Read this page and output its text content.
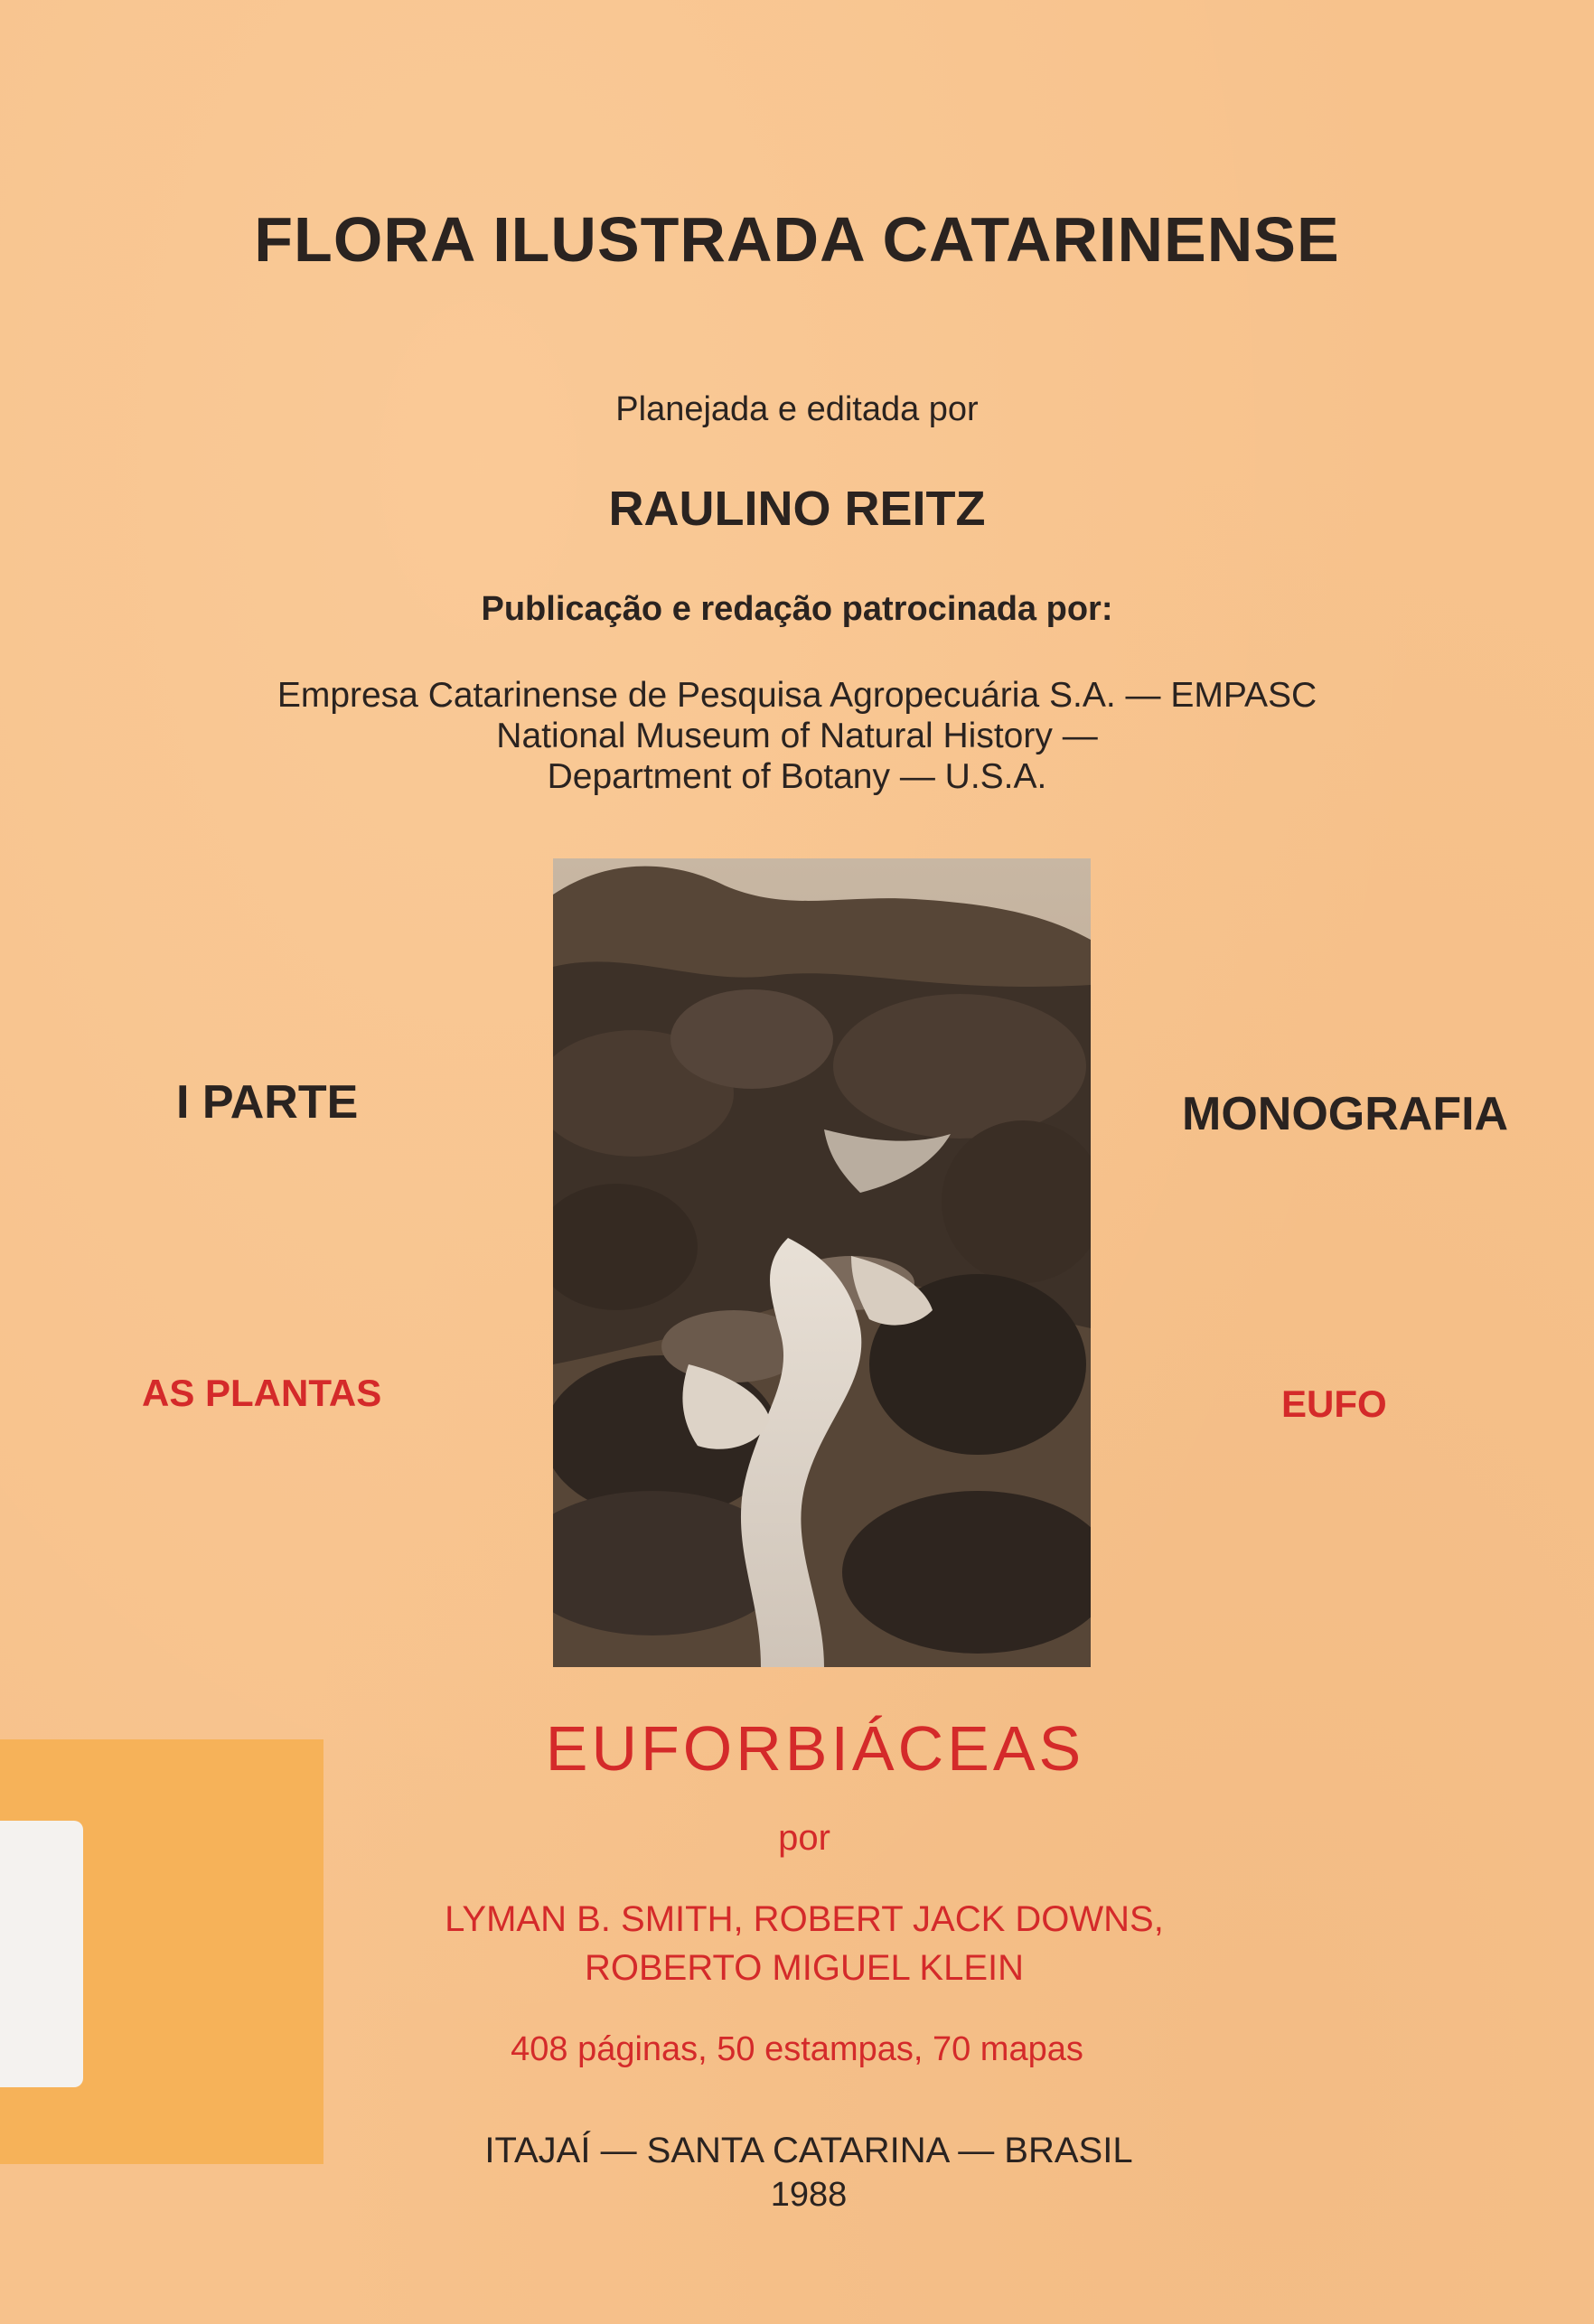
FLORA ILUSTRADA CATARINENSE
Planejada e editada por
RAULINO REITZ
Publicação e redação patrocinada por:
Empresa Catarinense de Pesquisa Agropecuária S.A. — EMPASC
National Museum of Natural History —
Department of Botany — U.S.A.
I PARTE	MONOGRAFIA
AS PLANTAS	EUFO
EUFORBIÁCEAS
por
LYMAN B. SMITH, ROBERT JACK DOWNS,
ROBERTO MIGUEL KLEIN
408 páginas, 50 estampas, 70 mapas
ITAJAÍ — SANTA CATARINA — BRASIL
1988
